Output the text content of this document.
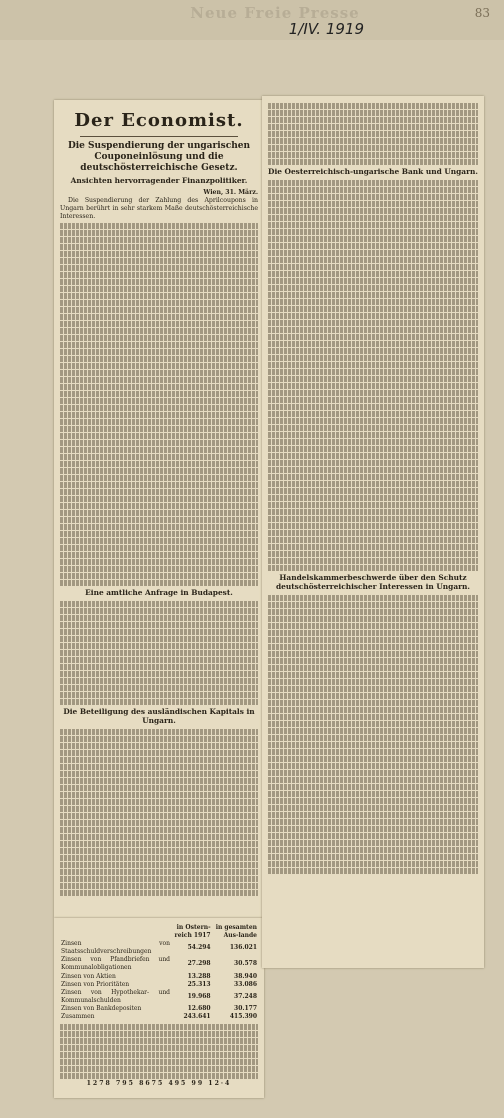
Neue Freie Presse	83
1/IV. 1919
Der Economist.
Die Suspendierung der ungarischen Couponeinlösung und die deutschösterreichische Gesetz.
Ansichten hervorragender Finanzpolitiker.
Wien, 31. März.

Die Suspendierung der Zahlung des Aprilcoupons in Ungarn berührt in sehr starkem Maße deutschösterreichische Interessen.

Eine amtliche Anfrage in Budapest.
Die Beteiligung des ausländischen Kapitals in Ungarn.
	in Ostern-reich 1917	in gesamten Aus-lande
Zinsen von Staatsschuldverschreibungen	54.294	136.021
Zinsen von Pfandbriefen und Kommunalobligationen	27.298	30.578
Zinsen von Aktien	13.288	38.940
Zinsen von Prioritäten	25.313	33.086
Zinsen von Hypothekar- und Kommunalschulden	19.968	37.248
Zinsen von Bankdepositen	12.680	30.177
Zusammen	243.641	415.390
1278 795 8675 495 99 12·4
Die Oesterreichisch-ungarische Bank und Ungarn.
Handelskammerbeschwerde über den Schutz deutschösterreichischer Interessen in Ungarn.
